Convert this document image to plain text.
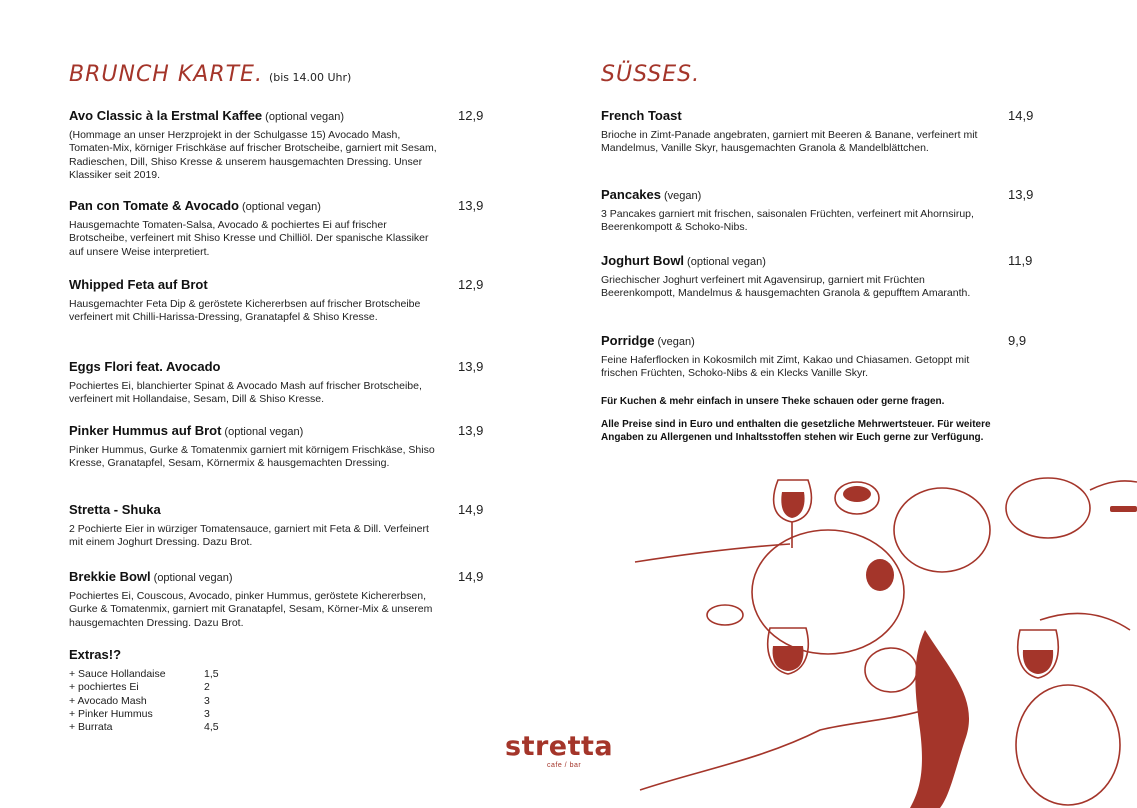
BRUNCH KARTE. (bis 14.00 Uhr)
Avo Classic à la Erstmal Kaffee (optional vegan)	12,9
(Hommage an unser Herzprojekt in der Schulgasse 15) Avocado Mash, Tomaten-Mix, körniger Frischkäse auf frischer Brotscheibe, garniert mit Sesam, Radieschen, Dill, Shiso Kresse & unserem hausgemachten Dressing. Unser Klassiker seit 2019.
Pan con Tomate & Avocado (optional vegan)	13,9
Hausgemachte Tomaten-Salsa, Avocado & pochiertes Ei auf frischer Brotscheibe, verfeinert mit Shiso Kresse und Chilliöl. Der spanische Klassiker auf unsere Weise interpretiert.
Whipped Feta auf Brot	12,9
Hausgemachter Feta Dip & geröstete Kichererbsen auf frischer Brotscheibe verfeinert mit Chilli-Harissa-Dressing, Granatapfel & Shiso Kresse.
Eggs Flori feat. Avocado	13,9
Pochiertes Ei, blanchierter Spinat & Avocado Mash auf frischer Brotscheibe, verfeinert mit Hollandaise, Sesam, Dill & Shiso Kresse.
Pinker Hummus auf Brot (optional vegan)	13,9
Pinker Hummus, Gurke & Tomatenmix garniert mit körnigem Frischkäse, Shiso Kresse, Granatapfel, Sesam, Körnermix & hausgemachten Dressing.
Stretta - Shuka	14,9
2 Pochierte Eier in würziger Tomatensauce, garniert mit Feta & Dill. Verfeinert mit einem Joghurt Dressing. Dazu Brot.
Brekkie Bowl (optional vegan)	14,9
Pochiertes Ei, Couscous, Avocado, pinker Hummus, geröstete Kichererbsen, Gurke & Tomatenmix, garniert mit Granatapfel, Sesam, Körner-Mix & unserem hausgemachten Dressing. Dazu Brot.
Extras!?
+ Sauce Hollandaise	1,5
+ pochiertes Ei	2
+ Avocado Mash	3
+ Pinker Hummus	3
+ Burrata	4,5
SÜSSES.
French Toast	14,9
Brioche in Zimt-Panade angebraten, garniert mit Beeren & Banane, verfeinert mit Mandelmus, Vanille Skyr, hausgemachten Granola & Mandelblättchen.
Pancakes (vegan)	13,9
3 Pancakes garniert mit frischen, saisonalen Früchten, verfeinert mit Ahornsirup, Beerenkompott & Schoko-Nibs.
Joghurt Bowl (optional vegan)	11,9
Griechischer Joghurt verfeinert mit Agavensirup, garniert mit Früchten Beerenkompott, Mandelmus & hausgemachten Granola & gepufftem Amaranth.
Porridge (vegan)	9,9
Feine Haferflocken in Kokosmilch mit Zimt, Kakao und Chiasamen. Getoppt mit frischen Früchten, Schoko-Nibs & ein Klecks Vanille Skyr.
Für Kuchen & mehr einfach in unsere Theke schauen oder gerne fragen.
Alle Preise sind in Euro und enthalten die gesetzliche Mehrwertsteuer. Für weitere Angaben zu Allergenen und Inhaltsstoffen stehen wir Euch gerne zur Verfügung.
stretta
cafe / bar
